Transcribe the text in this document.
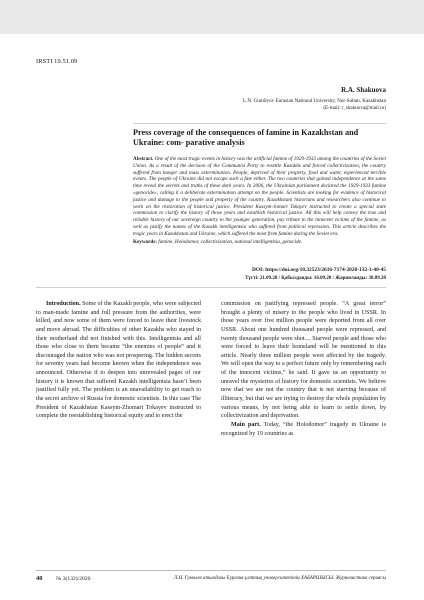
IRSTI 19.51.09
R.A. Shakuova
L.N. Gumilyov Eurasian National University, Nur-Sultan, Kazakhstan
(E-mail: r_shakuova@mail.ru)
Press coverage of the consequences of famine in Kazakhstan and Ukraine: com- parative analysis
Abstract. One of the most tragic events in history was the artificial famine of 1929-1933 among the countries of the Soviet Union. As a result of the decision of the Communist Party to resettle Kazakhs and forced collectivization, the country suffered from hunger and mass extermination. People, deprived of their property, food and water, experienced terrible events. The people of Ukraine did not escape such a fate either. The two countries that gained independence at the same time reveal the secrets and truths of these dark years. In 2006, the Ukrainian parliament declared the 1929-1933 famine «genocide», calling it a deliberate extermination attempt on the people. Scientists are looking for evidence of historical justice and damage to the people and property of the country. Kazakhstani historians and researchers also continue to work on the restoration of historical justice. President Kassym-Jomart Tokayev instructed to create a special state commission to clarify the history of those years and establish historical justice. All this will help convey the true and reliable history of our sovereign country to the younger generation, pay tribute to the innocent victims of the famine, as well as justify the names of the Kazakh intelligentsia who suffered from political repression. This article describes the tragic years in Kazakhstan and Ukraine, which suffered the most from famine during the Soviet era.
Keywords: famine, Holodomor, collectivization, national intelligentsia, genocide.
DOI: https://doi.org/10.32523/2616-7174-2020-132-3-40-45
Түсті: 21.09.20 / Қабылданды: 16.09.20 / Жарияланды: 30.09.20
Introduction. Some of the Kazakh people, who were subjected to man-made famine and full pressure from the authorities, were killed, and now some of them were forced to leave their livestock and move abroad. The difficulties of other Kazakhs who stayed in their motherland did not finished with this. Intelligentsia and all those who close to them became “the enemies of people” and it discouraged the nation who was not prospering. The hidden secrets for seventy years had become known when the independence was announced. Otherwise if to deepen into unrevealed pages of our history it is known that suffered Kazakh intelligentsia hasn’t been justified fully yet. The problem is an unavailability to get reach to the secret archive of Russia for domestic scientists. In this case The President of Kazakhstan Kassym-Zhomart Tokayev instructed to complete the reestablishing historical equity and to erect the

commission on justifying repressed people. “A great terror” brought a plenty of misery to the people who lived in USSR. In those years over five million people were deported from all over USSR. About one hundred thousand people were repressed, and twenty thousand people were shot.... Starved people and those who were forced to leave their homeland will be mentioned in this article. Nearly three million people were affected by the tragedy. We will open the way to a perfect future only by remembering each of the innocent victims,” he said. It gave us an opportunity to unravel the mysteries of history for domestic scientists. We believe now that we are not the country that is not starving because of illiteracy, but that we are trying to destroy the whole population by various means, by not being able to learn to settle down, by collectivization and deprivation.

Main part. Today, “the Holodomor” tragedy in Ukraine is recognized by 19 countries as

40 № 3(132)/2020	Л.Н. Гумилев атындағы Еуразия ұлттық университетінің ХАБАРШЫСЫ. Журналистика сериясы
